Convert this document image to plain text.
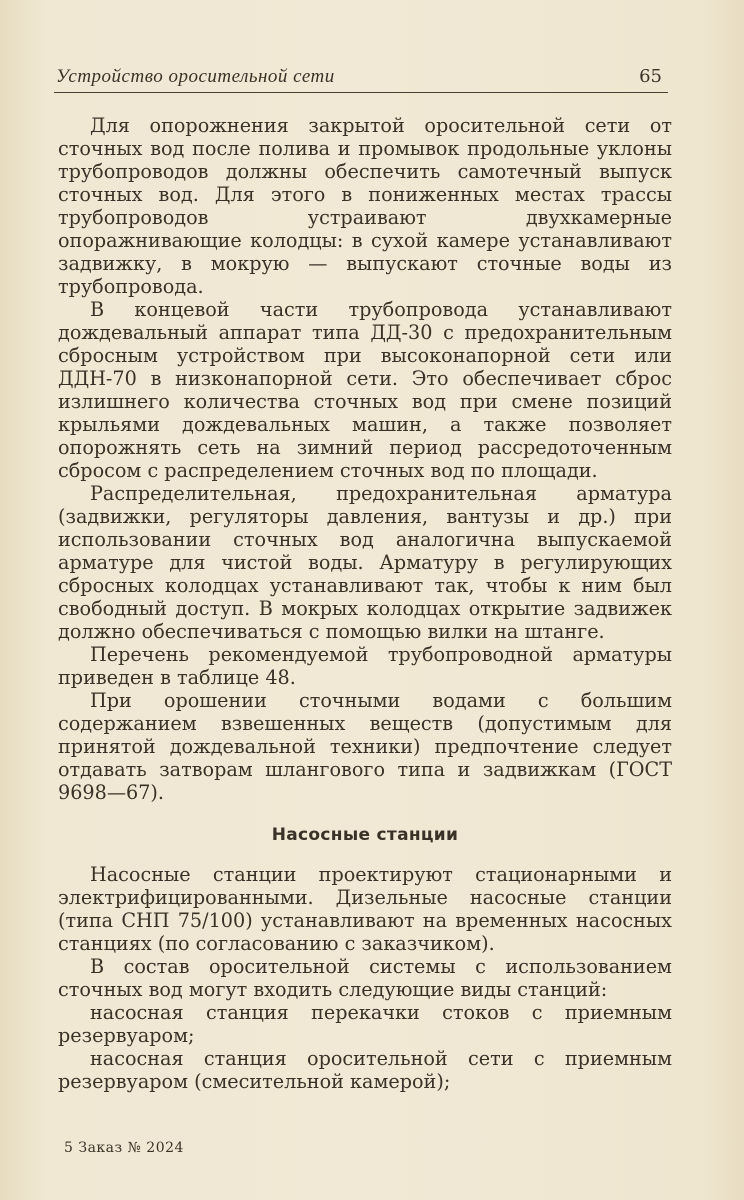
Устройство оросительной сети	65

Для опорожнения закрытой оросительной сети от сточных вод после полива и промывок продольные уклоны трубопроводов должны обеспечить самотечный выпуск сточных вод. Для этого в пониженных местах трассы трубопроводов устраивают двухкамерные опоражнивающие колодцы: в сухой камере устанавливают задвижку, в мокрую — выпускают сточные воды из трубопровода.

В концевой части трубопровода устанавливают дождевальный аппарат типа ДД-30 с предохранительным сбросным устройством при высоконапорной сети или ДДН-70 в низконапорной сети. Это обеспечивает сброс излишнего количества сточных вод при смене позиций крыльями дождевальных машин, а также позволяет опорожнять сеть на зимний период рассредоточенным сбросом с распределением сточных вод по площади.

Распределительная, предохранительная арматура (задвижки, регуляторы давления, вантузы и др.) при использовании сточных вод аналогична выпускаемой арматуре для чистой воды. Арматуру в регулирующих сбросных колодцах устанавливают так, чтобы к ним был свободный доступ. В мокрых колодцах открытие задвижек должно обеспечиваться с помощью вилки на штанге.

Перечень рекомендуемой трубопроводной арматуры приведен в таблице 48.

При орошении сточными водами с большим содержанием взвешенных веществ (допустимым для принятой дождевальной техники) предпочтение следует отдавать затворам шлангового типа и задвижкам (ГОСТ 9698—67).

Насосные станции

Насосные станции проектируют стационарными и электрифицированными. Дизельные насосные станции (типа СНП 75/100) устанавливают на временных насосных станциях (по согласованию с заказчиком).

В состав оросительной системы с использованием сточных вод могут входить следующие виды станций:

насосная станция перекачки стоков с приемным резервуаром;

насосная станция оросительной сети с приемным резервуаром (смесительной камерой);

5 Заказ № 2024
